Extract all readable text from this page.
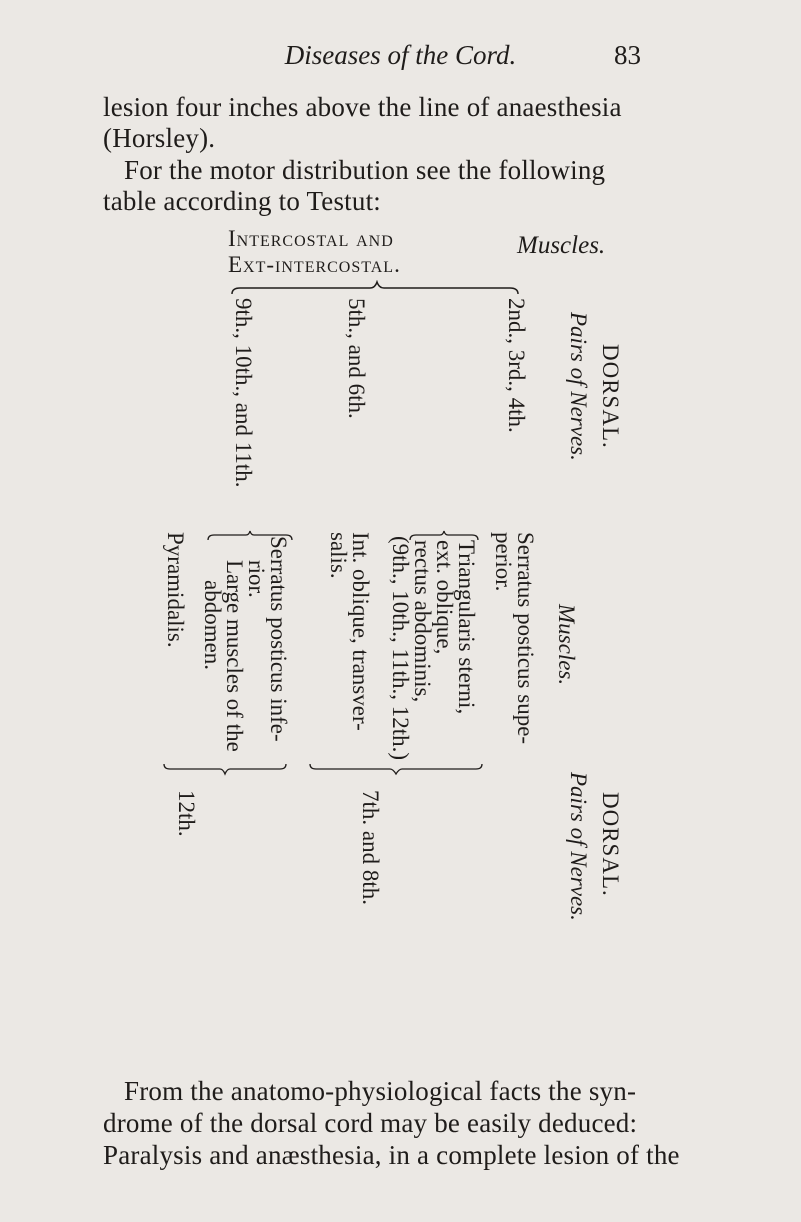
Diseases of the Cord.	83
lesion four inches above the line of anaesthesia
(Horsley).
For the motor distribution see the following
table according to Testut:
Intercostal and
Ext-intercostal.
Muscles.
DORSAL.
Pairs of Nerves.
2nd., 3rd., 4th.
5th., and 6th.
9th., 10th., and 11th.
Muscles.
Serratus posticus supe-
perior.
Triangularis sterni,
ext. oblique,
rectus abdominis,
(9th., 10th., 11th., 12th.)
Int. oblique, transver-
salis.
Serratus posticus infe-
rior.
Large muscles of the
abdomen.
Pyramidalis.
DORSAL.
Pairs of Nerves.
7th. and 8th.
12th.
From the anatomo-physiological facts the syn-
drome of the dorsal cord may be easily deduced:
Paralysis and anæsthesia, in a complete lesion of the
